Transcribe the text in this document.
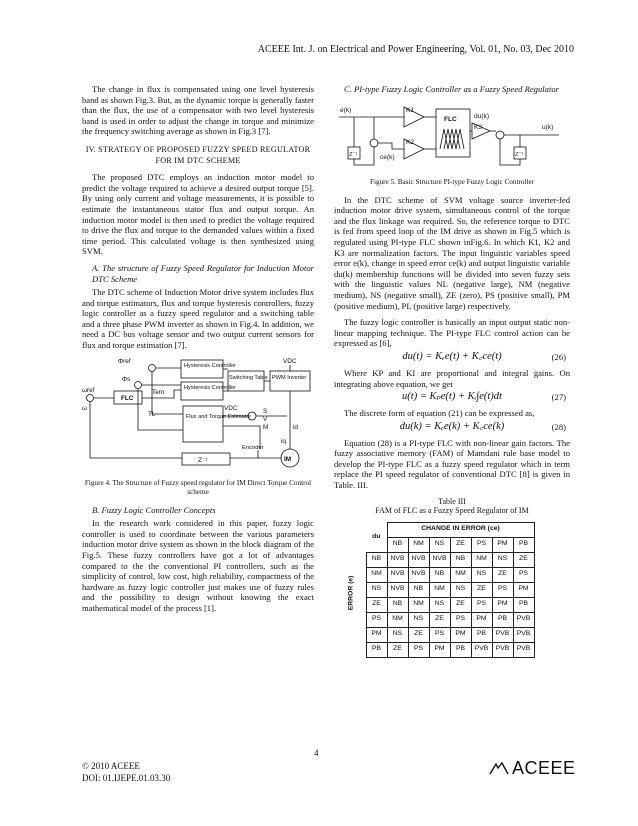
ACEEE Int. J. on Electrical and Power Engineering, Vol. 01, No. 03, Dec 2010

The change in flux is compensated using one level hysteresis band as shown Fig.3. But, as the dynamic torque is generally faster than the flux, the use of a compensator with two level hysteresis band is used in order to adjust the change in torque and minimize the frequency switching average as shown in Fig.3 [7].

IV. STRATEGY OF PROPOSED FUZZY SPEED REGULATOR FOR IM DTC SCHEME

The proposed DTC employs an induction motor model to predict the voltage required to achieve a desired output torque [5]. By using only current and voltage measurements, it is possible to estimate the instantaneous stator flux and output torque. An induction motor model is then used to predict the voltage required to drive the flux and torque to the demanded values within a fixed time period. This calculated voltage is then synthesized using SVM.

A. The structure of Fuzzy Speed Regulator for Induction Motor DTC Scheme

The DTC scheme of Induction Motor drive system includes flux and torque estimators, flux and torque hysteresis controllers, fuzzy logic controller as a fuzzy speed regulator and a switching table and a three phase PWM inverter as shown in Fig.4. In addition, we need a DC bus voltage sensor and two output current sensors for flux and torque estimation [7].

Φref
Φs
ωref
ω
FLC
Tem
TL
Hysteresis Controller
Hysteresis Controller
Switching Table PWM Inverter
VDC
VDC
Flux and Torque Estimator
S
V
M	id
iq
Encoder
Z⁻¹	IM
Figure 4. The Structure of Fuzzy speed regulator for IM Direct Torque Control scheme
B. Fuzzy Logic Controller Concepts

In the research work considered in this paper, fuzzy logic controller is used to coordinate between the various parameters induction motor drive system as shown in the block diagram of the Fig.5. These fuzzy controllers have got a lot of advantages compared to the the conventional PI controllers, such as the simplicity of control, low cost, high reliability, compactness of the hardware as fuzzy logic controller just makes use of fuzzy rules and the possibility to design without knowing the exact mathematical model of the process [1].

C. PI-type Fuzzy Logic Controller as a Fuzzy Speed Regulator
e(k)	K1
K2
K3
FLC	du(k)
u(k)
ce(k)
Z⁻¹	Z⁻¹
Figure 5. Basic Structure PI-type Fuzzy Logic Controller

In the DTC scheme of SVM voltage source inverter-fed induction motor drive system, simultaneous control of the torque and the flux linkage was required. So, the reference torque to DTC is fed from speed loop of the IM drive as shown in Fig.5 which is regulated using PI-type FLC shown inFig.6. In which K1, K2 and K3 are normalization factors. The input linguistic variables speed error e(k), change in speed error ce(k) and output linguistic variable du(k) membership functions will be divided into seven fuzzy sets with the linguistic values NL (negative large), NM (negative medium), NS (negative small), ZE (zero), PS (positive small), PM (positive medium), PL (positive large) respectively.

The fuzzy logic controller is basically an input output static non-linear mapping technique. The PI-type FLC control action can be expressed as [6],

du(t) = Kₑe(t) + K꜀ce(t)	(26)

Where KP and KI are proportional and integral gains. On integrating above equation, we get

u(t) = Kₚe(t) + Kᵢ∫e(t)dt	(27)

The discrete form of equation (21) can be expressed as,

du(k) = Kₑe(k) + K꜀ce(k)	(28)

Equation (28) is a PI-type FLC with non-linear gain factors. The fuzzy associative memory (FAM) of Mamdani rule base model to develop the PI-type FLC as a fuzzy speed regulator which in term replace the PI speed regulator of conventional DTC [8] is given in Table. III.

Table III
FAM of FLC as a Fuzzy Speed Regulator of IM
	du	CHANGE IN ERROR (ce)						
		NB	NM	NS	ZE	PS	PM	PB

ERROR (e)	NB	NVB	NVB	NVB	NB	NM	NS	ZE
	NM	NVB	NVB	NB	NM	NS	ZE	PS
	NS	NVB	NB	NM	NS	ZE	PS	PM
	ZE	NB	NM	NS	ZE	PS	PM	PB
	PS	NM	NS	ZE	PS	PM	PB	PVB
	PM	NS	ZE	PS	PM	PB	PVB	PVB
	PB	ZE	PS	PM	PB	PVB	PVB	PVB
4
© 2010 ACEEE
DOI: 01.IJEPE.01.03.30	ACEEE
